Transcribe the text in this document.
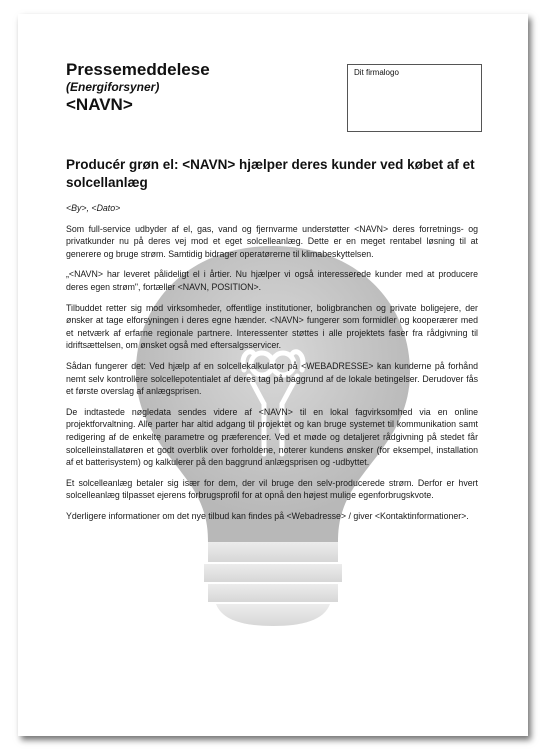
Pressemeddelese
(Energiforsyner)
<NAVN>
Dit firmalogo
Producér grøn el: <NAVN> hjælper deres kunder ved købet af et solcellanlæg

<By>, <Dato>

Som full-service udbyder af el, gas, vand og fjernvarme understøtter <NAVN> deres forretnings- og privatkunder nu på deres vej mod et eget solcelleanlæg. Dette er en meget rentabel løsning til at generere og bruge strøm. Samtidig bidrager operatørerne til klimabeskyttelsen.

„<NAVN> har leveret pålideligt el i årtier. Nu hjælper vi også interesserede kunder med at producere deres egen strøm", fortæller <NAVN, POSITION>.

Tilbuddet retter sig mod virksomheder, offentlige institutioner, boligbranchen og private boligejere, der ønsker at tage elforsyningen i deres egne hænder. <NAVN> fungerer som formidler og kooperærer med et netværk af erfarne regionale partnere. Interessenter støttes i alle projektets faser fra rådgivning til idriftsættelsen, om ønsket også med eftersalgsservicer.

Sådan fungerer det: Ved hjælp af en solcellekalkulator på <WEBADRESSE> kan kunderne på forhånd nemt selv kontrollere solcellepotentialet af deres tag på baggrund af de lokale betingelser. Derudover fås et første overslag af anlægsprisen.

De indtastede nøgledata sendes videre af <NAVN> til en lokal fagvirksomhed via en online projektforvaltning. Alle parter har altid adgang til projektet og kan bruge systemet til kommunikation samt redigering af de enkelte parametre og præferencer. Ved et møde og detaljeret rådgivning på stedet får solcelleinstallatøren et godt overblik over forholdene, noterer kundens ønsker (for eksempel, installation af et batterisystem) og kalkulerer på den baggrund anlægsprisen og -udbyttet.

Et solcelleanlæg betaler sig især for dem, der vil bruge den selv-producerede strøm. Derfor er hvert solcelleanlæg tilpasset ejerens forbrugsprofil for at opnå den højest mulige egenforbrugskvote.

Yderligere informationer om det nye tilbud kan findes på <Webadresse> / giver <Kontaktinformationer>.
